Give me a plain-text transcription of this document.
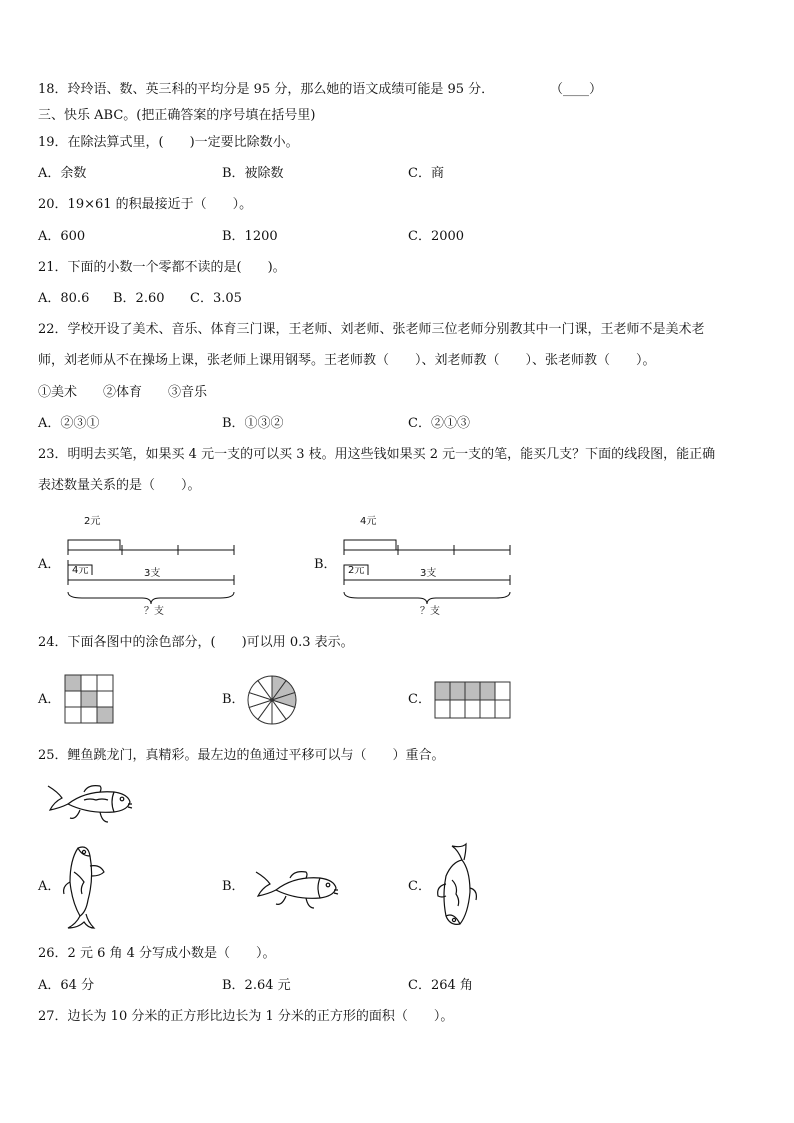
18．玲玲语、数、英三科的平均分是 95 分，那么她的语文成绩可能是 95 分．	（____）
三、快乐 ABC。(把正确答案的序号填在括号里)
19．在除法算式里，(　　)一定要比除数小。
A．余数	B．被除数	C．商
20．19×61 的积最接近于（　　）。
A．600	B．1200	C．2000
21．下面的小数一个零都不读的是(　　)。
A．80.6 B．2.60 C．3.05
22．学校开设了美术、音乐、体育三门课，王老师、刘老师、张老师三位老师分别教其中一门课，王老师不是美术老
师，刘老师从不在操场上课，张老师上课用钢琴。王老师教（　　）、刘老师教（　　）、张老师教（　　）。
①美术　　②体育　　③音乐
A．②③①	B．①③②	C．②①③
23．明明去买笔，如果买 4 元一支的可以买 3 枝。用这些钱如果买 2 元一支的笔，能买几支？下面的线段图，能正确
表述数量关系的是（　　）。
A．
2元
4元	3支
？支
B．
4元
2元	3支
？支
24．下面各图中的涂色部分，(　　)可以用 0.3 表示。
A．	B．	C．
25．鲤鱼跳龙门，真精彩。最左边的鱼通过平移可以与（　　）重合。
A．	B．	C．
26．2 元 6 角 4 分写成小数是（　　）。
A．64 分	B．2.64 元	C．264 角
27．边长为 10 分米的正方形比边长为 1 分米的正方形的面积（　　）。
